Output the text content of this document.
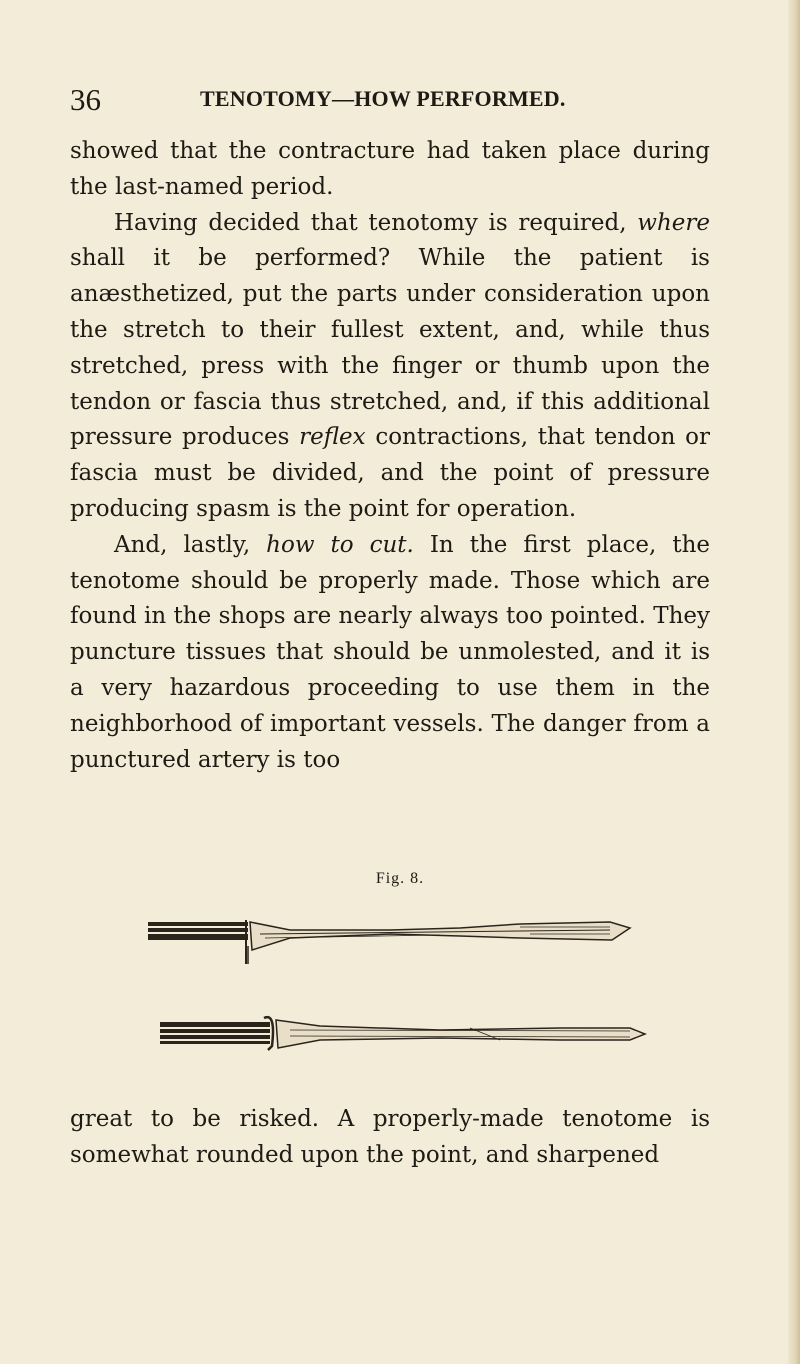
36	TENOTOMY—HOW PERFORMED.

showed that the contracture had taken place during the last-named period.

Having decided that tenotomy is required, where shall it be performed? While the patient is anæsthetized, put the parts under consideration upon the stretch to their fullest extent, and, while thus stretched, press with the finger or thumb upon the tendon or fascia thus stretched, and, if this additional pressure produces reflex contractions, that tendon or fascia must be divided, and the point of pressure producing spasm is the point for operation.

And, lastly, how to cut. In the first place, the tenotome should be properly made. Those which are found in the shops are nearly always too pointed. They puncture tissues that should be unmolested, and it is a very hazardous proceeding to use them in the neighborhood of important vessels. The danger from a punctured artery is too

Fig. 8.

great to be risked. A properly-made tenotome is somewhat rounded upon the point, and sharpened
